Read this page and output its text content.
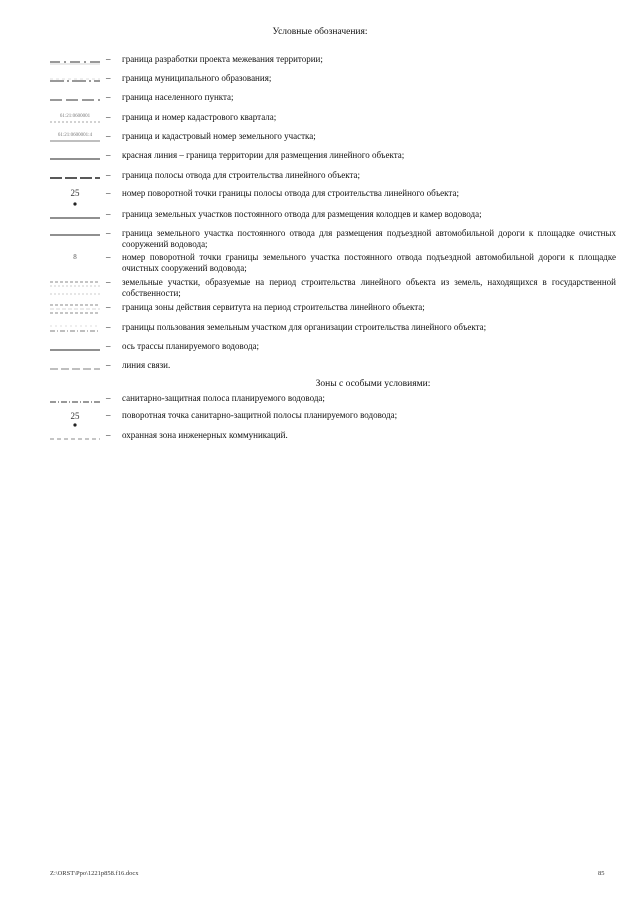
Условные обозначения:
– граница разработки проекта межевания территории;
– граница муниципального образования;
– граница населенного пункта;
61:21:0600001	– граница и номер кадастрового квартала;
61:21:0600001:4	– граница и кадастровый номер земельного участка;
– красная линия – граница территории для размещения линейного объекта;
– граница полосы отвода для строительства линейного объекта;
25	– номер поворотной точки границы полосы отвода для строительства линейного объекта;
– граница земельных участков постоянного отвода для размещения колодцев и камер водовода;
– граница земельного участка постоянного отвода для размещения подъездной автомобильной дороги к площадке очистных сооружений водовода;
8	– номер поворотной точки границы земельного участка постоянного отвода подъездной автомобильной дороги к площадке очистных сооружений водовода;
– земельные участки, образуемые на период строительства линейного объекта из земель, находящихся в государственной собственности;
– граница зоны действия сервитута на период строительства линейного объекта;
– границы пользования земельным участком для организации строительства линейного объекта;
– ось трассы планируемого водовода;
– линия связи.
Зоны с особыми условиями:
– санитарно-защитная полоса планируемого водовода;
25	– поворотная точка санитарно-защитной полосы планируемого водовода;
– охранная зона инженерных коммуникаций.
Z:\ORST\Ppo\1221p858.f16.docx	85
